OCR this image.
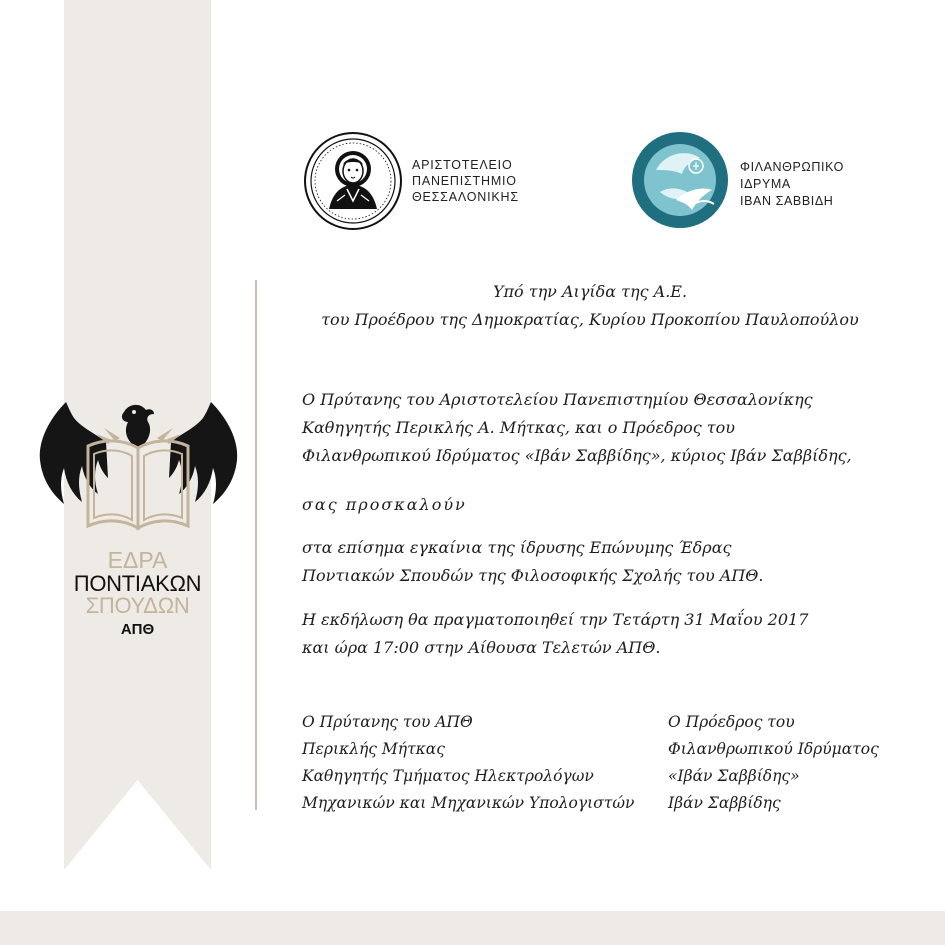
ΕΔΡΑ
ΠΟΝΤΙΑΚΩΝ
ΣΠΟΥΔΩΝ
ΑΠΘ
ΑΡΙΣΤΟΤΕΛΕΙΟ
ΠΑΝΕΠΙΣΤΗΜΙΟ
ΘΕΣΣΑΛΟΝΙΚΗΣ
ΦΙΛΑΝΘΡΩΠΙΚΟ
ΙΔΡΥΜΑ
ΙΒΑΝ ΣΑΒΒΙΔΗ
Υπό την Αιγίδα της Α.Ε.
του Προέδρου της Δημοκρατίας, Κυρίου Προκοπίου Παυλοπούλου
Ο Πρύτανης του Αριστοτελείου Πανεπιστημίου Θεσσαλονίκης
Καθηγητής Περικλής Α. Μήτκας, και ο Πρόεδρος του
Φιλανθρωπικού Ιδρύματος «Ιβάν Σαββίδης», κύριος Ιβάν Σαββίδης,
σας προσκαλούν
στα επίσημα εγκαίνια της ίδρυσης Επώνυμης Έδρας
Ποντιακών Σπουδών της Φιλοσοφικής Σχολής του ΑΠΘ.
Η εκδήλωση θα πραγματοποιηθεί την Τετάρτη 31 Μαΐου 2017
και ώρα 17:00 στην Αίθουσα Τελετών ΑΠΘ.
Ο Πρύτανης του ΑΠΘ
Περικλής Μήτκας
Καθηγητής Τμήματος Ηλεκτρολόγων
Μηχανικών και Μηχανικών Υπολογιστών
Ο Πρόεδρος του
Φιλανθρωπικού Ιδρύματος
«Ιβάν Σαββίδης»
Ιβάν Σαββίδης
